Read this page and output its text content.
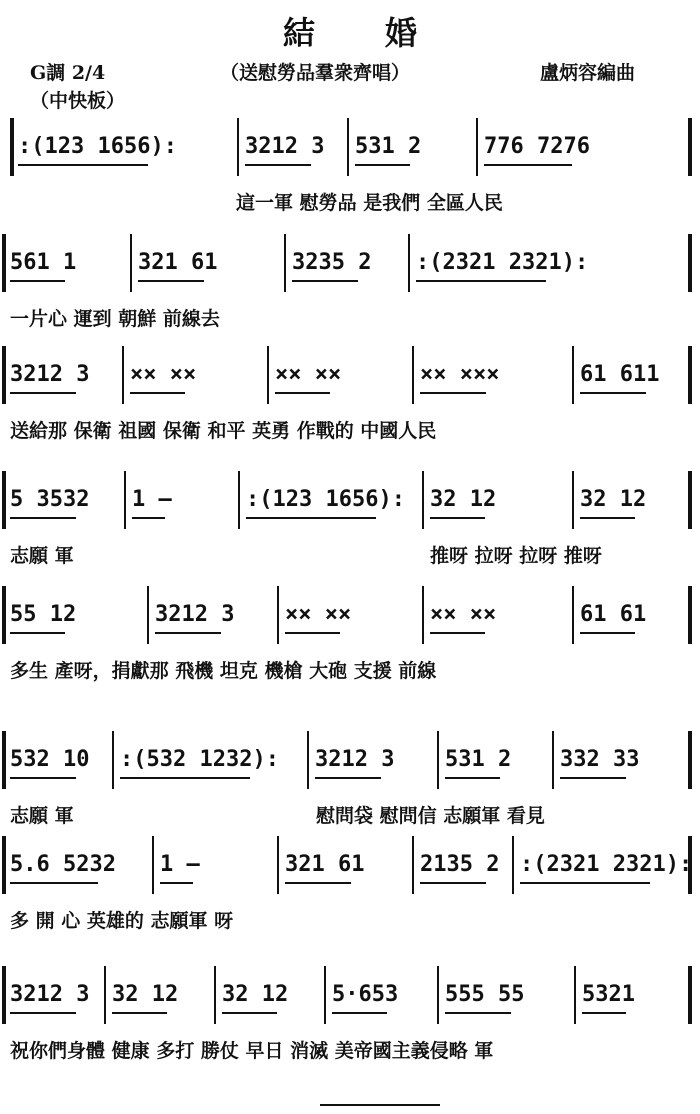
結婚
G調 2/4	（送慰勞品羣衆齊唱）	盧炳容編曲
（中快板）
:(123 1656):	3212 3 531 2	776 7276
這一軍 慰勞品 是我們 全區人民
561 1	321 61	3235 2 :(2321 2321):
一片心 運到 朝鮮 前線去
3212 3 ×× ××	×× ××	×× ×××	61 611
送給那 保衛 祖國 保衛 和平 英勇 作戰的 中國人民
5 3532 1 —	:(123 1656): 32 12	32 12
志願 軍	推呀 拉呀 拉呀 推呀
55 12	3212 3 ×× ××	×× ××	61 61
多生 產呀，捐獻那 飛機 坦克 機槍 大砲 支援 前線
532 10 :(532 1232): 3212 3 531 2 332 33
志願 軍	慰問袋 慰問信 志願軍 看見
5.6 5232 1 —	321 61	2135 2 :(2321 2321):
多 開 心 英雄的 志願軍 呀
3212 3 32 12 32 12 5·653 555 55	5321
祝你們身體 健康 多打 勝仗 早日 消滅 美帝國主義侵略 軍
